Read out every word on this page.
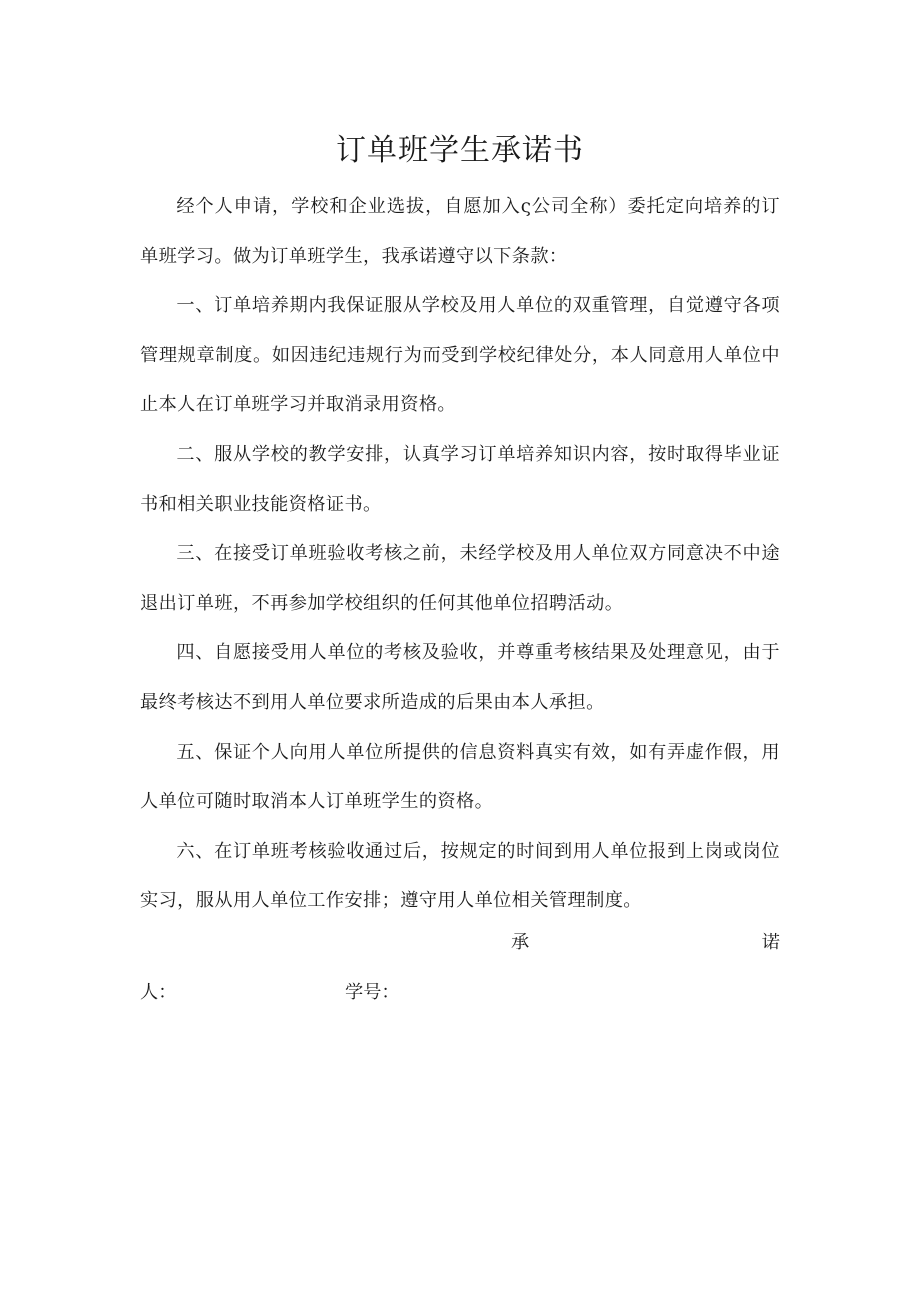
订单班学生承诺书

经个人申请，学校和企业选拔，自愿加入ς公司全称）委托定向培养的订单班学习。做为订单班学生，我承诺遵守以下条款：

一、订单培养期内我保证服从学校及用人单位的双重管理，自觉遵守各项管理规章制度。如因违纪违规行为而受到学校纪律处分，本人同意用人单位中止本人在订单班学习并取消录用资格。

二、服从学校的教学安排，认真学习订单培养知识内容，按时取得毕业证书和相关职业技能资格证书。

三、在接受订单班验收考核之前，未经学校及用人单位双方同意决不中途退出订单班，不再参加学校组织的任何其他单位招聘活动。

四、自愿接受用人单位的考核及验收，并尊重考核结果及处理意见，由于最终考核达不到用人单位要求所造成的后果由本人承担。

五、保证个人向用人单位所提供的信息资料真实有效，如有弄虚作假，用人单位可随时取消本人订单班学生的资格。

六、在订单班考核验收通过后，按规定的时间到用人单位报到上岗或岗位实习，服从用人单位工作安排；遵守用人单位相关管理制度。

承	诺
人：	学号：
